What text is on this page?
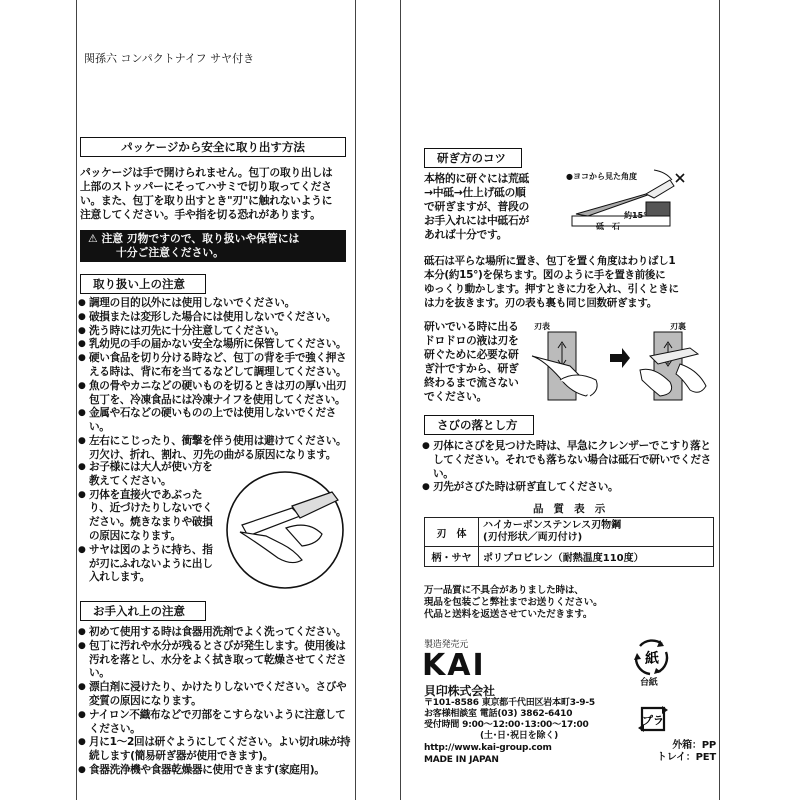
関孫六 コンパクトナイフ サヤ付き
パッケージから安全に取り出す方法
パッケージは手で開けられません。包丁の取り出しは
上部のストッパーにそってハサミで切り取ってくださ
い。また、包丁を取り出すとき"刃"に触れないように
注意してください。手や指を切る恐れがあります。
⚠ 注意 刃物ですので、取り扱いや保管には
十分ご注意ください。
取り扱い上の注意
● 調理の目的以外には使用しないでください。
● 破損または変形した場合には使用しないでください。
● 洗う時には刃先に十分注意してください。
● 乳幼児の手の届かない安全な場所に保管してください。
● 硬い食品を切り分ける時など、包丁の背を手で強く押さえる時は、背に布を当てるなどして調理してください。
● 魚の骨やカニなどの硬いものを切るときは刃の厚い出刃包丁を、冷凍食品には冷凍ナイフを使用してください。
● 金属や石などの硬いものの上では使用しないでください。
● 左右にこじったり、衝撃を伴う使用は避けてください。刃欠け、折れ、割れ、刃先の曲がる原因になります。
● お子様には大人が使い方を教えてください。
● 刃体を直接火であぶったり、近づけたりしないでください。焼きなまりや破損の原因になります。
● サヤは図のように持ち、指が刃にふれないように出し入れします。
お手入れ上の注意
● 初めて使用する時は食器用洗剤でよく洗ってください。
● 包丁に汚れや水分が残るとさびが発生します。使用後は汚れを落とし、水分をよく拭き取って乾燥させてください。
● 漂白剤に浸けたり、かけたりしないでください。さびや変質の原因になります。
● ナイロン不織布などで刃部をこすらないように注意してください。
● 月に1〜2回は研ぐようにしてください。よい切れ味が持続します(簡易研ぎ器が使用できます)。
● 食器洗浄機や食器乾燥器に使用できます(家庭用)。
研ぎ方のコツ
本格的に研ぐには荒砥
→中砥→仕上げ砥の順
で研ぎますが、普段の
お手入れには中砥石が
あれば十分です。
●ヨコから見た角度
約15°
砥　石
砥石は平らな場所に置き、包丁を置く角度はわりばし1
本分(約15°)を保ちます。図のように手を置き前後に
ゆっくり動かします。押すときに力を入れ、引くときに
は力を抜きます。刃の表も裏も同じ回数研ぎます。
研いでいる時に出る
ドロドロの液は刃を
研ぐために必要な研
ぎ汁ですから、研ぎ
終わるまで流さない
でください。
刃表	刃裏
さびの落とし方
● 刃体にさびを見つけた時は、早急にクレンザーでこすり落としてください。それでも落ちない場合は砥石で研いでください。
● 刃先がさびた時は研ぎ直してください。
品　質　表　示
刃　体	ハイカーボンステンレス刃物鋼
(刃付形状／両刃付け)
柄・サヤ	ポリプロピレン（耐熱温度110度）
万一品質に不具合がありました時は、
現品を包装ごと弊社までお送りください。
代品と送料を返送させていただきます。
製造発売元
KAI
貝印株式会社
〒101-8586 東京都千代田区岩本町3-9-5
お客様相談室 電話(03) 3862-6410
受付時間 9:00〜12:00･13:00〜17:00
(土･日･祝日を除く)
http://www.kai-group.com
MADE IN JAPAN
紙
台紙
プラ
外箱：PP
トレイ：PET
